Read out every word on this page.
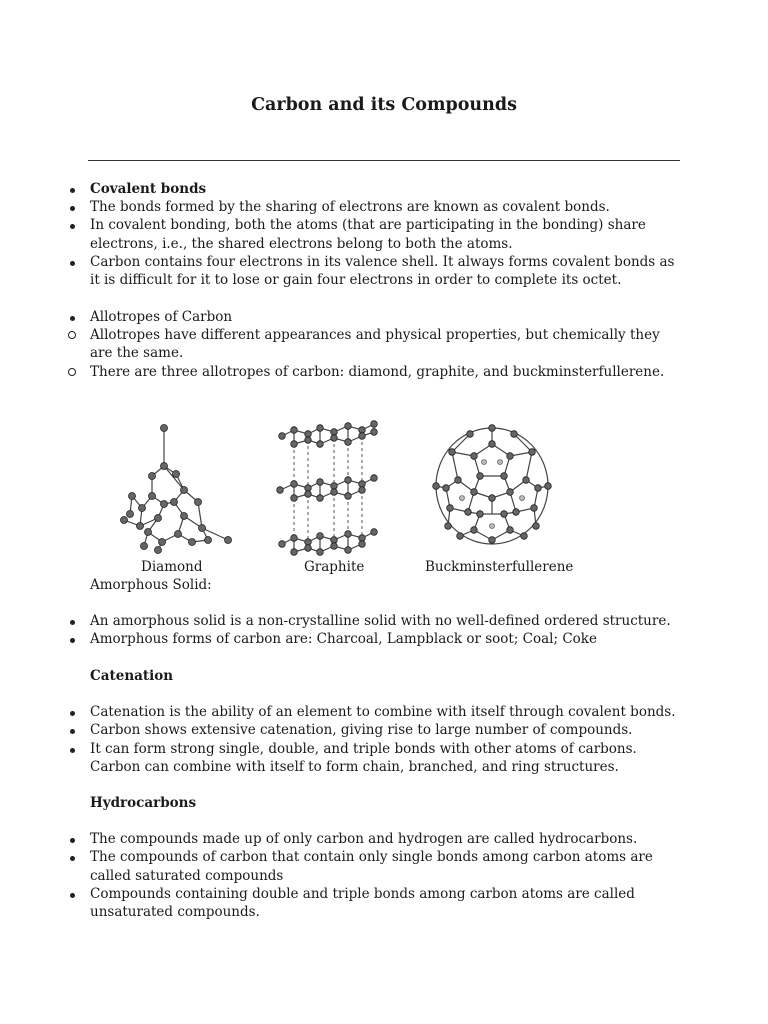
Carbon and its Compounds
Covalent bonds
The bonds formed by the sharing of electrons are known as covalent bonds.
In covalent bonding, both the atoms (that are participating in the bonding) share electrons, i.e., the shared electrons belong to both the atoms.
Carbon contains four electrons in its valence shell. It always forms covalent bonds as it is difficult for it to lose or gain four electrons in order to complete its octet.
Allotropes of Carbon
Allotropes have different appearances and physical properties, but chemically they are the same.
There are three allotropes of carbon: diamond, graphite, and buckminsterfullerene.
Diamond	Graphite	Buckminsterfullerene
Amorphous Solid:
An amorphous solid is a non-crystalline solid with no well-defined ordered structure.
Amorphous forms of carbon are: Charcoal, Lampblack or soot; Coal; Coke
Catenation
Catenation is the ability of an element to combine with itself through covalent bonds.
Carbon shows extensive catenation, giving rise to large number of compounds.
It can form strong single, double, and triple bonds with other atoms of carbons. Carbon can combine with itself to form chain, branched, and ring structures.
Hydrocarbons
The compounds made up of only carbon and hydrogen are called hydrocarbons.
The compounds of carbon that contain only single bonds among carbon atoms are called saturated compounds
Compounds containing double and triple bonds among carbon atoms are called unsaturated compounds.
